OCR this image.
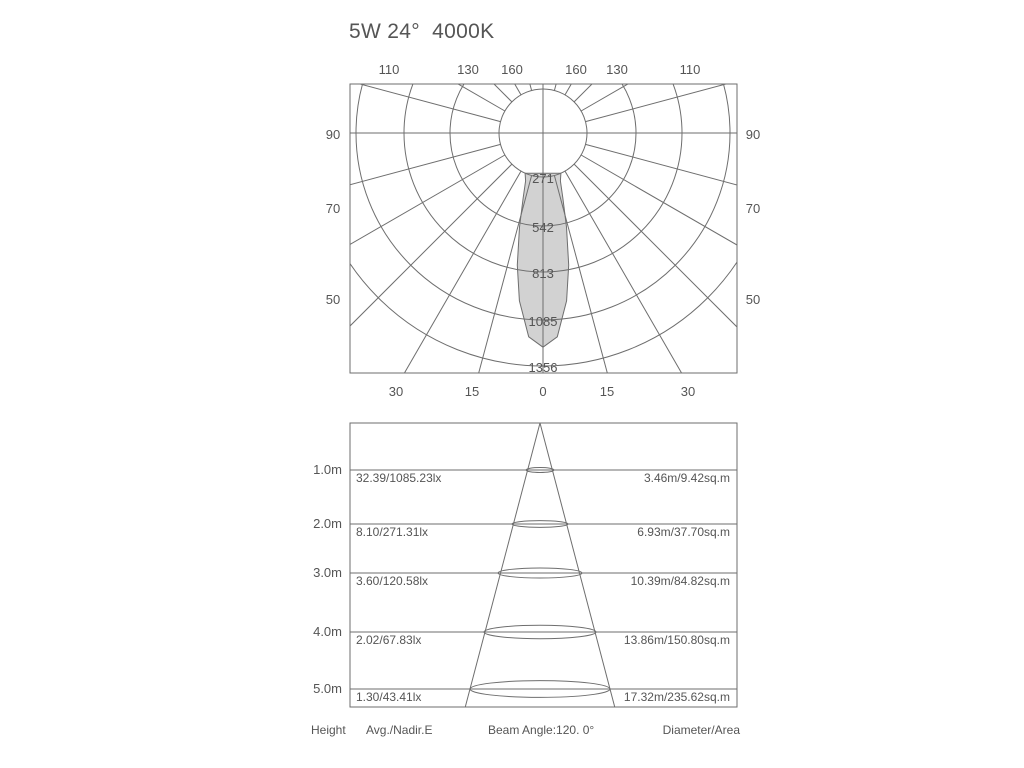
5W 24°  4000K
271
542
813
1085
1356
110	130 160	160 130	110
90	90
70	70
50	50
30	15	0	15	30
1.0m
32.39/1085.23lx	3.46m/9.42sq.m
2.0m
8.10/271.31lx	6.93m/37.70sq.m
3.0m
3.60/120.58lx	10.39m/84.82sq.m
4.0m
2.02/67.83lx	13.86m/150.80sq.m
5.0m
1.30/43.41lx	17.32m/235.62sq.m
Height Avg./Nadir.E	Beam Angle:120. 0°	Diameter/Area
